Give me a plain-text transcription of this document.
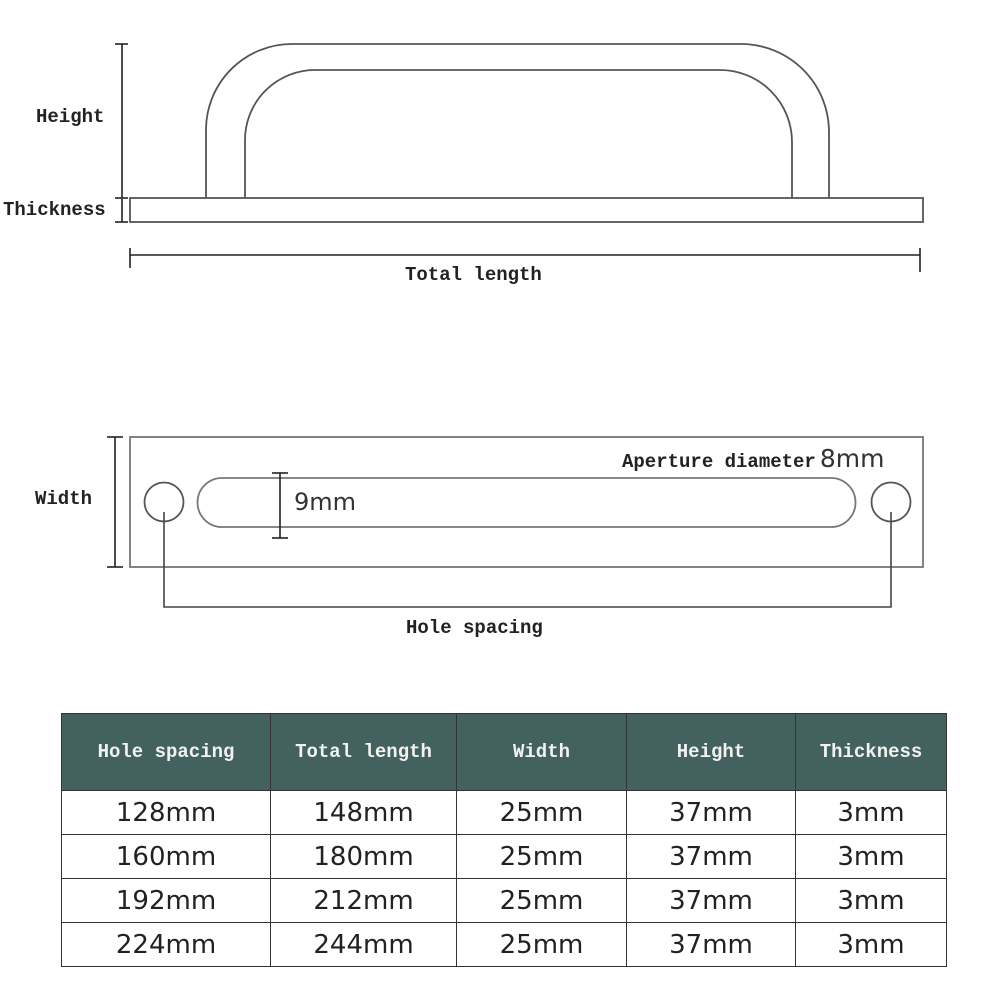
Height
Thickness
Total length
Width	9mm
Aperture diameter 8mm
Hole spacing
Hole spacing	Total length	Width	Height	Thickness
128mm	148mm	25mm	37mm	3mm
160mm	180mm	25mm	37mm	3mm
192mm	212mm	25mm	37mm	3mm
224mm	244mm	25mm	37mm	3mm
